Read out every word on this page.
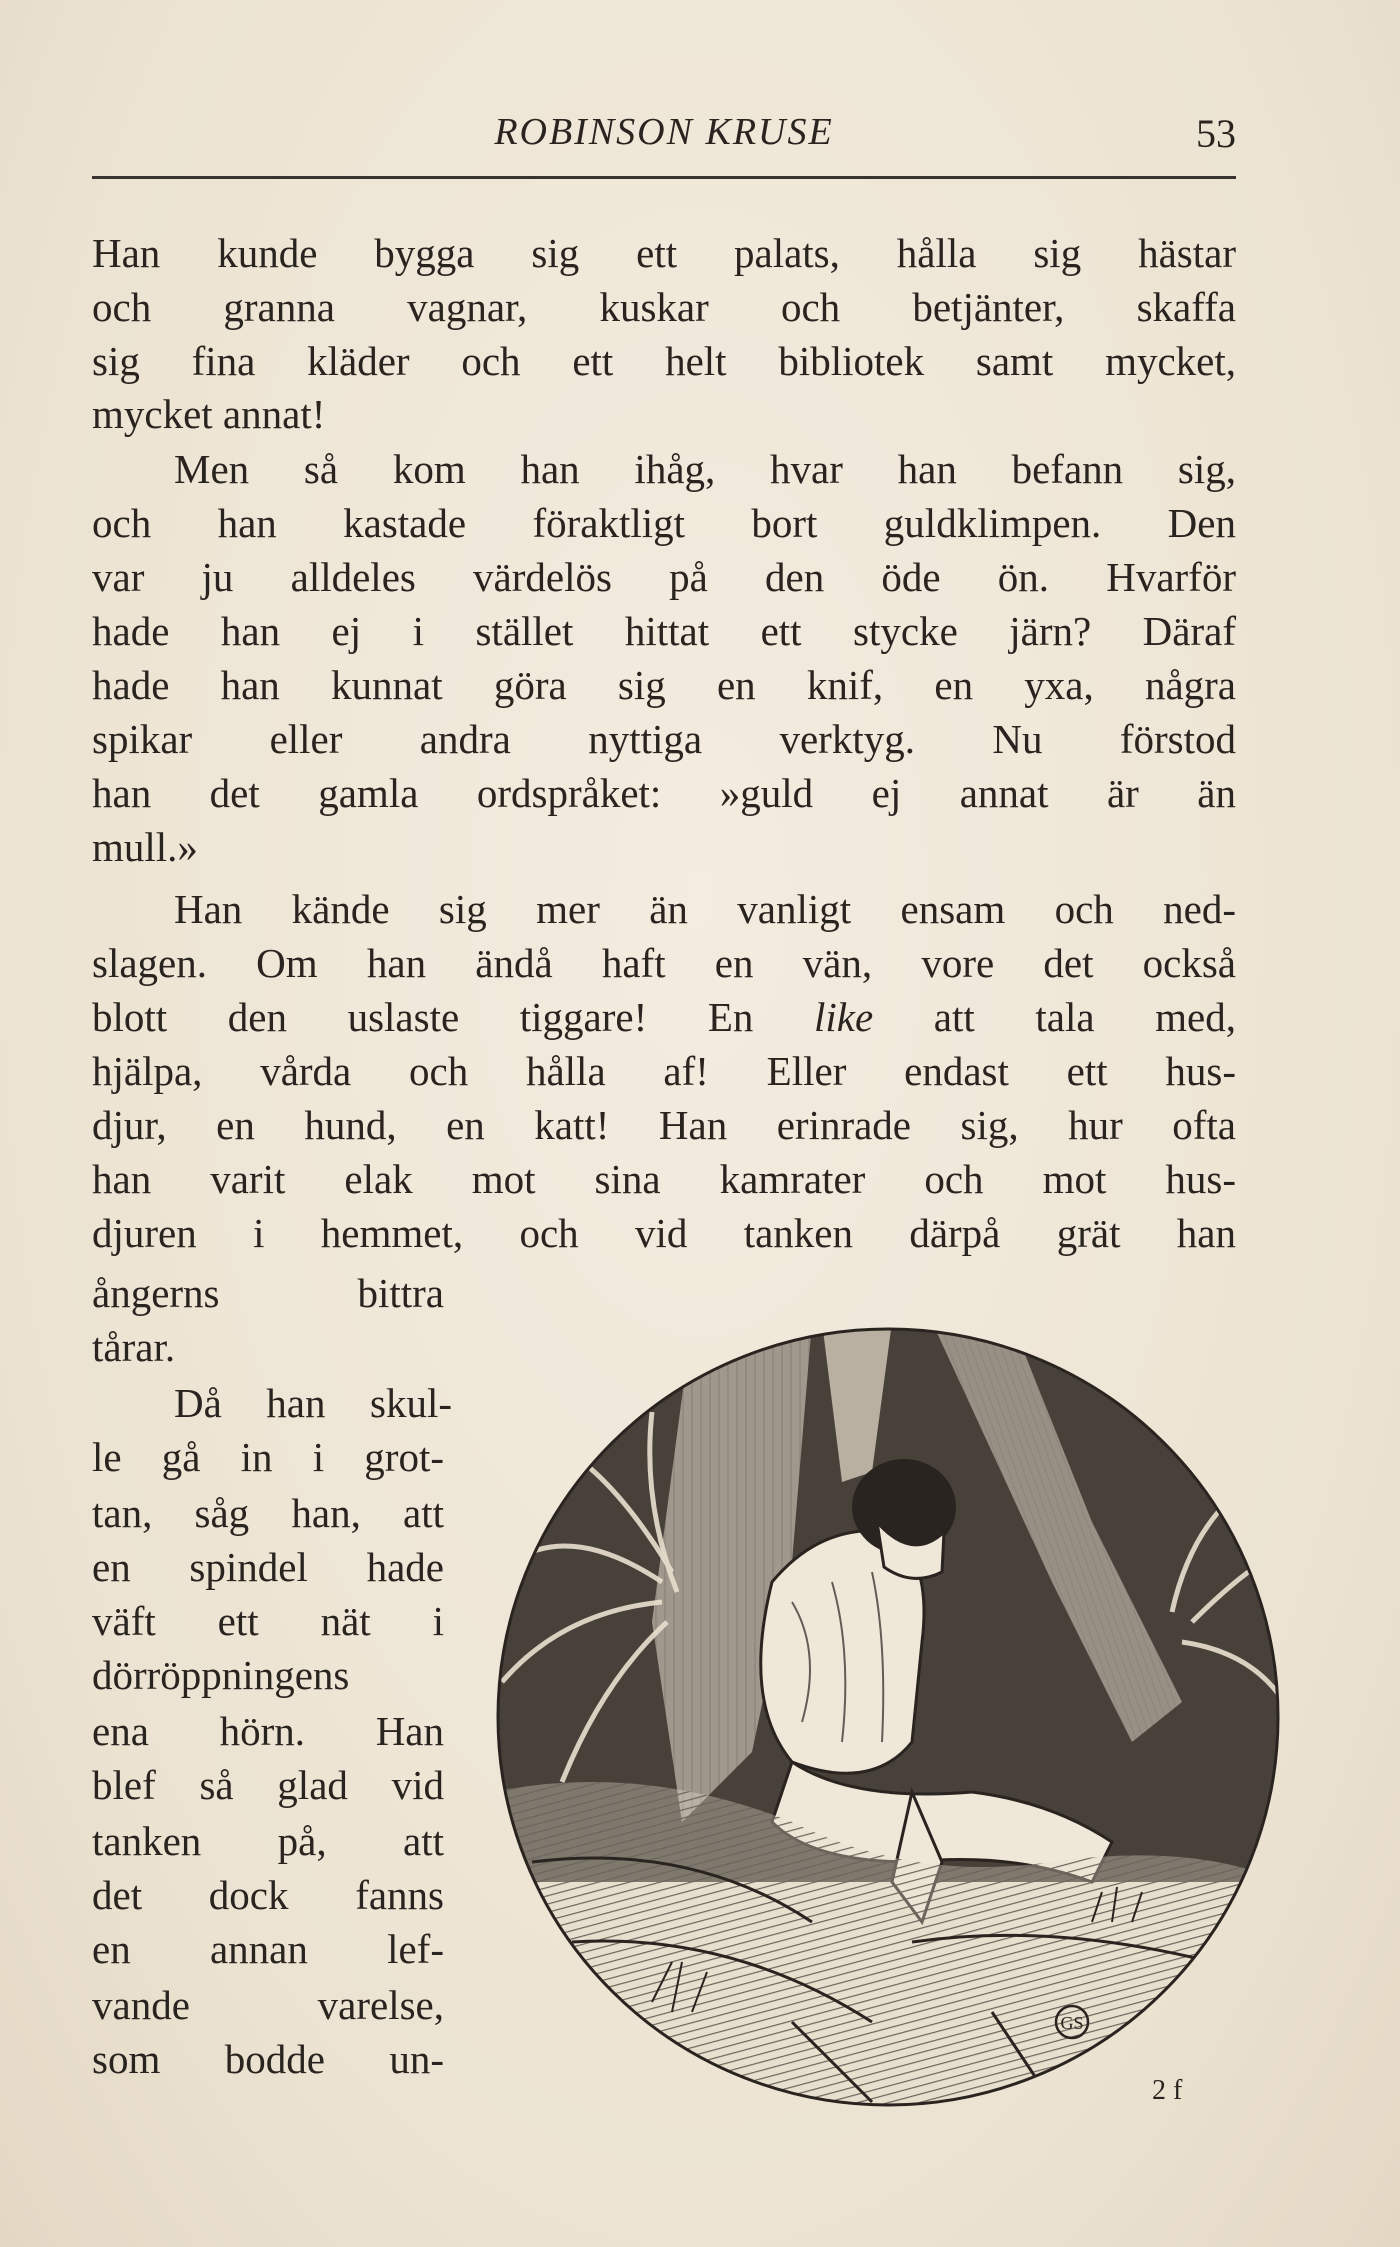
ROBINSON KRUSE	53
Han kunde bygga sig ett palats, hålla sig hästar
och granna vagnar, kuskar och betjänter, skaffa
sig fina kläder och ett helt bibliotek samt mycket,
mycket annat!
Men så kom han ihåg, hvar han befann sig,
och han kastade föraktligt bort guldklimpen. Den
var ju alldeles värdelös på den öde ön. Hvarför
hade han ej i stället hittat ett stycke järn? Däraf
hade han kunnat göra sig en knif, en yxa, några
spikar eller andra nyttiga verktyg. Nu förstod
han det gamla ordspråket: »guld ej annat är än
mull.»
Han kände sig mer än vanligt ensam och ned-
slagen. Om han ändå haft en vän, vore det också
blott den uslaste tiggare! En like att tala med,
hjälpa, vårda och hålla af! Eller endast ett hus-
djur, en hund, en katt! Han erinrade sig, hur ofta
han varit elak mot sina kamrater och mot hus-
djuren i hemmet, och vid tanken därpå grät han
ångerns bittra
tårar.
Då han skul-
le gå in i grot-
tan, såg han, att
en spindel hade
väft ett nät i
dörröppningens
ena hörn. Han
blef så glad vid
tanken på, att
det dock fanns
en annan lef-
vande varelse,
som bodde un-
GS
2 f
